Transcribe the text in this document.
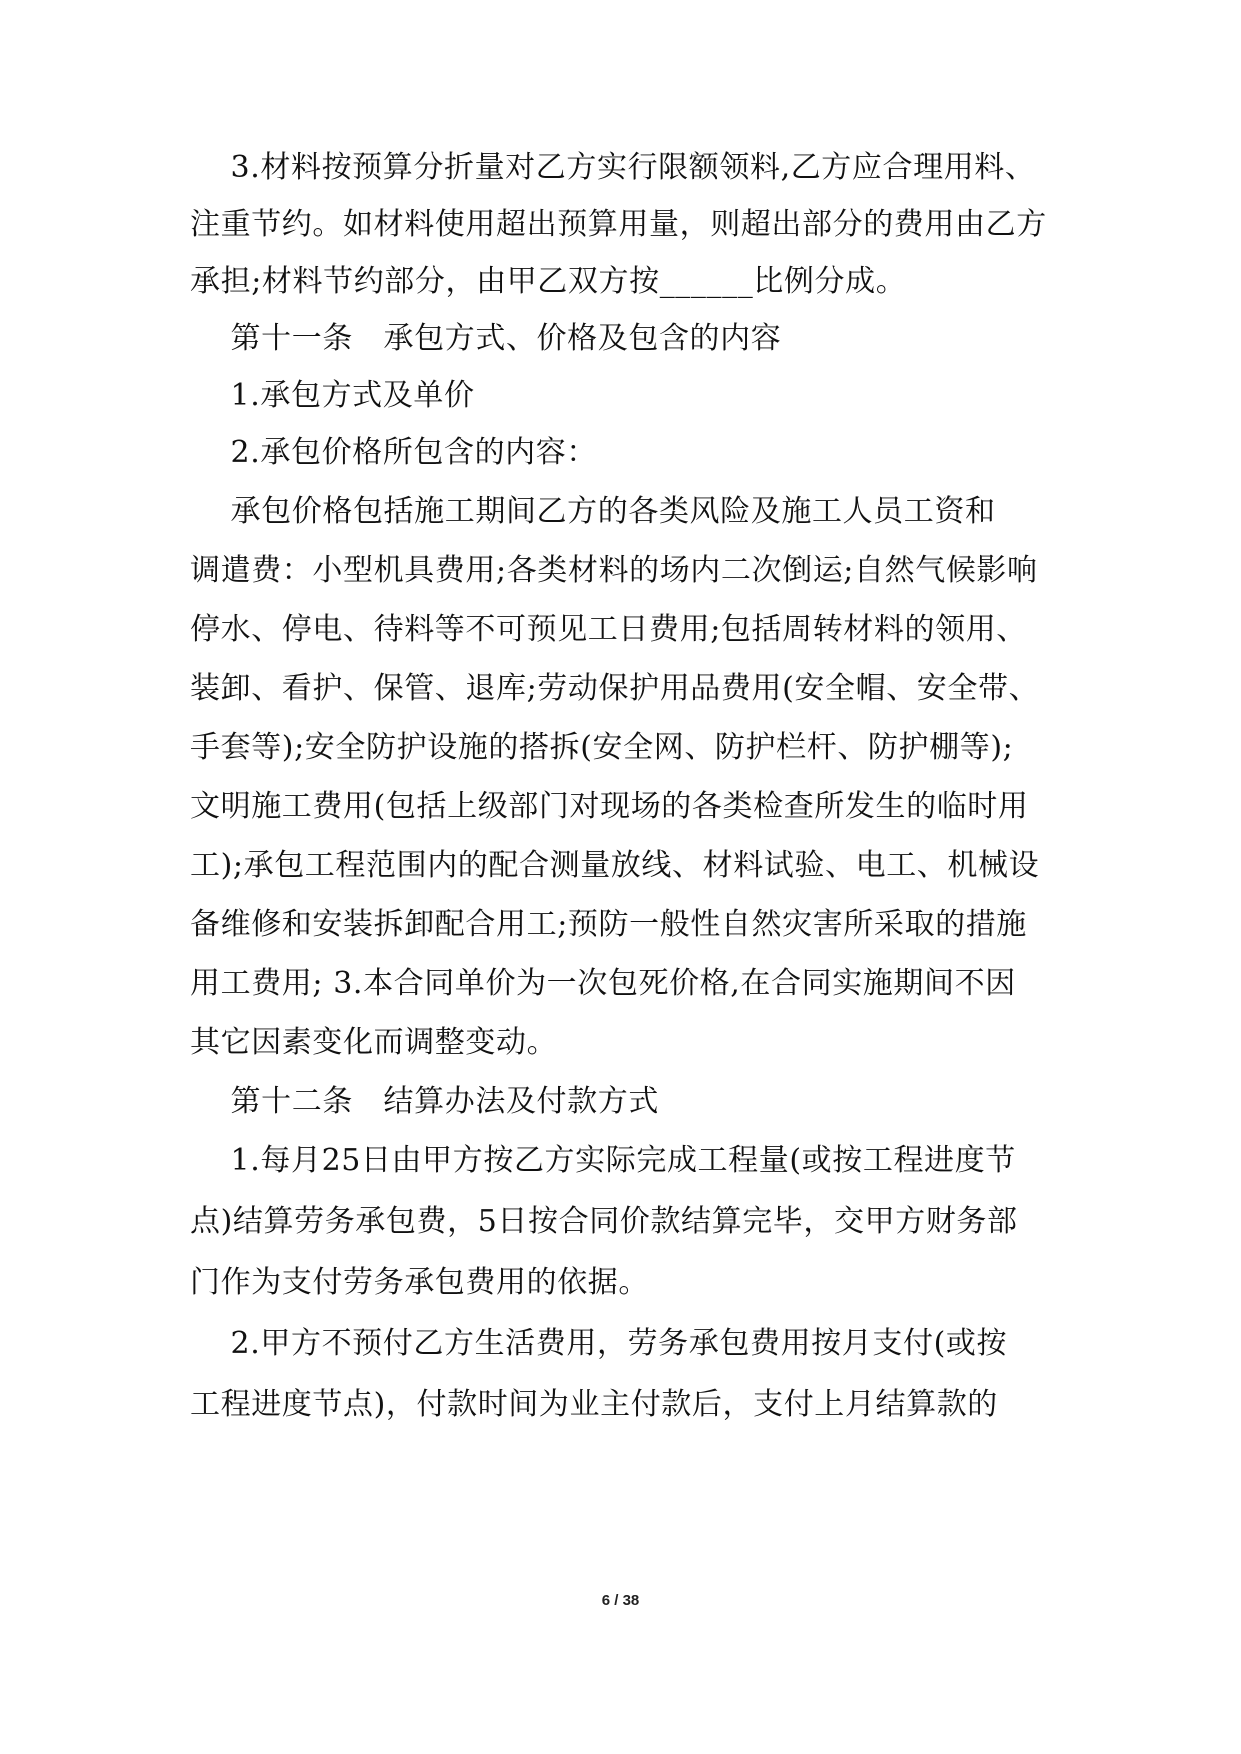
3.材料按预算分折量对乙方实行限额领料,乙方应合理用料、
注重节约。如材料使用超出预算用量，则超出部分的费用由乙方
承担;材料节约部分，由甲乙双方按______比例分成。
第十一条　承包方式、价格及包含的内容
1.承包方式及单价
2.承包价格所包含的内容：
承包价格包括施工期间乙方的各类风险及施工人员工资和
调遣费：小型机具费用;各类材料的场内二次倒运;自然气候影响
停水、停电、待料等不可预见工日费用;包括周转材料的领用、
装卸、看护、保管、退库;劳动保护用品费用(安全帽、安全带、
手套等);安全防护设施的搭拆(安全网、防护栏杆、防护棚等);
文明施工费用(包括上级部门对现场的各类检查所发生的临时用
工);承包工程范围内的配合测量放线、材料试验、电工、机械设
备维修和安装拆卸配合用工;预防一般性自然灾害所采取的措施
用工费用; 3.本合同单价为一次包死价格,在合同实施期间不因
其它因素变化而调整变动。
第十二条　结算办法及付款方式
1.每月25日由甲方按乙方实际完成工程量(或按工程进度节
点)结算劳务承包费，5日按合同价款结算完毕，交甲方财务部
门作为支付劳务承包费用的依据。
2.甲方不预付乙方生活费用，劳务承包费用按月支付(或按
工程进度节点)，付款时间为业主付款后，支付上月结算款的
6 / 38
